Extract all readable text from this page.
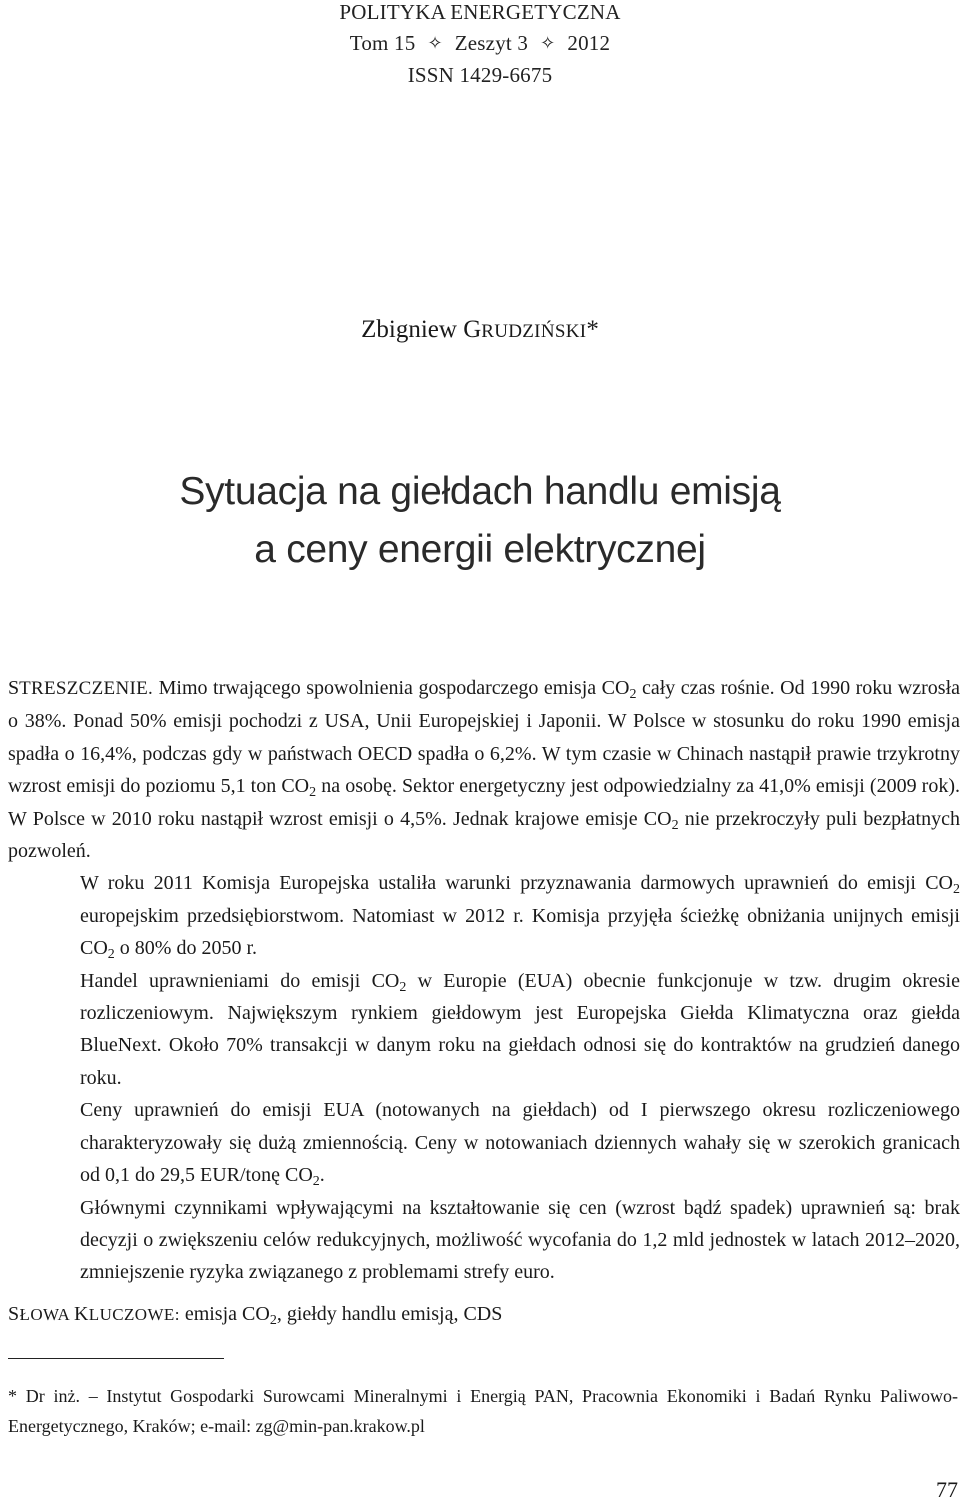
POLITYKA ENERGETYCZNA
Tom 15 ✧ Zeszyt 3 ✧ 2012
ISSN 1429-6675
Zbigniew GRUDZIŃSKI*
Sytuacja na giełdach handlu emisją
a ceny energii elektrycznej

STRESZCZENIE. Mimo trwającego spowolnienia gospodarczego emisja $CO_2$ cały czas rośnie. Od 1990 roku wzrosła o 38%. Ponad 50% emisji pochodzi z USA, Unii Europejskiej i Japonii. W Polsce w stosunku do roku 1990 emisja spadła o 16,4%, podczas gdy w państwach OECD spadła o 6,2%. W tym czasie w Chinach nastąpił prawie trzykrotny wzrost emisji do poziomu 5,1 ton $CO_2$ na osobę. Sektor energetyczny jest odpowiedzialny za 41,0% emisji (2009 rok). W Polsce w 2010 roku nastąpił wzrost emisji o 4,5%. Jednak krajowe emisje $CO_2$ nie przekroczyły puli bezpłatnych pozwoleń.

W roku 2011 Komisja Europejska ustaliła warunki przyznawania darmowych uprawnień do emisji $CO_2$ europejskim przedsiębiorstwom. Natomiast w 2012 r. Komisja przyjęła ścieżkę obniżania unijnych emisji $CO_2$ o 80% do 2050 r.

Handel uprawnieniami do emisji $CO_2$ w Europie (EUA) obecnie funkcjonuje w tzw. drugim okresie rozliczeniowym. Największym rynkiem giełdowym jest Europejska Giełda Klimatyczna oraz giełda BlueNext. Około 70% transakcji w danym roku na giełdach odnosi się do kontraktów na grudzień danego roku.

Ceny uprawnień do emisji EUA (notowanych na giełdach) od I pierwszego okresu rozliczeniowego charakteryzowały się dużą zmiennością. Ceny w notowaniach dziennych wahały się w szerokich granicach od 0,1 do 29,5 EUR/tonę $CO_2$.

Głównymi czynnikami wpływającymi na kształtowanie się cen (wzrost bądź spadek) uprawnień są: brak decyzji o zwiększeniu celów redukcyjnych, możliwość wycofania do 1,2 mld jednostek w latach 2012–2020, zmniejszenie ryzyka związanego z problemami strefy euro.

SŁOWA KLUCZOWE: emisja $CO_2$, giełdy handlu emisją, CDS

* Dr inż. – Instytut Gospodarki Surowcami Mineralnymi i Energią PAN, Pracownia Ekonomiki i Badań Rynku Paliwowo-Energetycznego, Kraków; e-mail: zg@min-pan.krakow.pl

77
